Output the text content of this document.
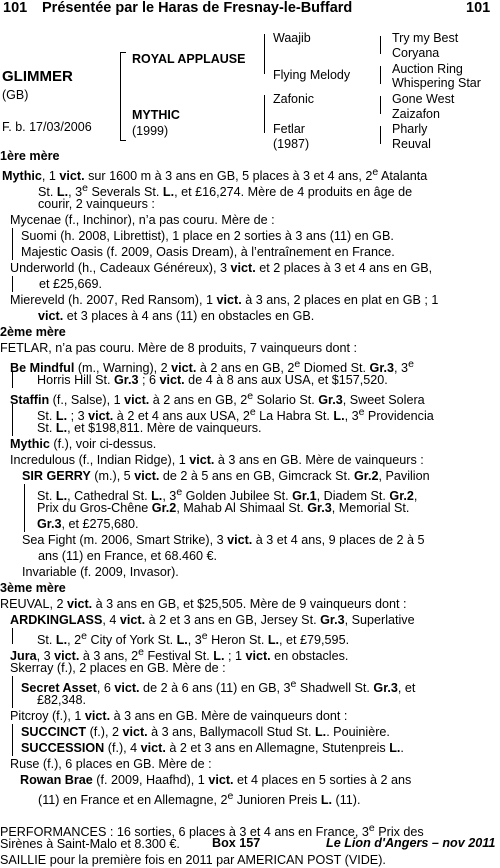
101 Présentée par le Haras de Fresnay-le-Buffard	101
GLIMMER
(GB)
F. b. 17/03/2006
ROYAL APPLAUSE
MYTHIC
(1999)
Waajib
Flying Melody
Zafonic
Fetlar
(1987)
Try my Best
Coryana
Auction Ring
Whispering Star
Gone West
Zaizafon
Pharly
Reuval
1ère mère
Mythic, 1 vict. sur 1600 m à 3 ans en GB, 5 places à 3 et 4 ans, 2e Atalanta
St. L., 3e Severals St. L., et £16,274. Mère de 4 produits en âge de
courir, 2 vainqueurs :
Mycenae (f., Inchinor), n’a pas couru. Mère de :
Suomi (h. 2008, Librettist), 1 place en 2 sorties à 3 ans (11) en GB.
Majestic Oasis (f. 2009, Oasis Dream), à l’entraînement en France.
Underworld (h., Cadeaux Généreux), 3 vict. et 2 places à 3 et 4 ans en GB,
et £25,669.
Miereveld (h. 2007, Red Ransom), 1 vict. à 3 ans, 2 places en plat en GB ; 1
vict. et 3 places à 4 ans (11) en obstacles en GB.
2ème mère
FETLAR, n’a pas couru. Mère de 8 produits, 7 vainqueurs dont :
Be Mindful (m., Warning), 2 vict. à 2 ans en GB, 2e Diomed St. Gr.3, 3e
Horris Hill St. Gr.3 ; 6 vict. de 4 à 8 ans aux USA, et $157,520.
Staffin (f., Salse), 1 vict. à 2 ans en GB, 2e Solario St. Gr.3, Sweet Solera
St. L. ; 3 vict. à 2 et 4 ans aux USA, 2e La Habra St. L., 3e Providencia
St. L., et $198,811. Mère de vainqueurs.
Mythic (f.), voir ci-dessus.
Incredulous (f., Indian Ridge), 1 vict. à 3 ans en GB. Mère de vainqueurs :
SIR GERRY (m.), 5 vict. de 2 à 5 ans en GB, Gimcrack St. Gr.2, Pavilion
St. L., Cathedral St. L., 3e Golden Jubilee St. Gr.1, Diadem St. Gr.2,
Prix du Gros-Chêne Gr.2, Mahab Al Shimaal St. Gr.3, Memorial St.
Gr.3, et £275,680.
Sea Fight (m. 2006, Smart Strike), 3 vict. à 3 et 4 ans, 9 places de 2 à 5
ans (11) en France, et 68.460 €.
Invariable (f. 2009, Invasor).
3ème mère
REUVAL, 2 vict. à 3 ans en GB, et $25,505. Mère de 9 vainqueurs dont :
ARDKINGLASS, 4 vict. à 2 et 3 ans en GB, Jersey St. Gr.3, Superlative
St. L., 2e City of York St. L., 3e Heron St. L., et £79,595.
Jura, 3 vict. à 3 ans, 2e Festival St. L. ; 1 vict. en obstacles.
Skerray (f.), 2 places en GB. Mère de :
Secret Asset, 6 vict. de 2 à 6 ans (11) en GB, 3e Shadwell St. Gr.3, et
£82,348.
Pitcroy (f.), 1 vict. à 3 ans en GB. Mère de vainqueurs dont :
SUCCINCT (f.), 2 vict. à 3 ans, Ballymacoll Stud St. L.. Pouinière.
SUCCESSION (f.), 4 vict. à 2 et 3 ans en Allemagne, Stutenpreis L..
Ruse (f.), 6 places en GB. Mère de :
Rowan Brae (f. 2009, Haafhd), 1 vict. et 4 places en 5 sorties à 2 ans
(11) en France et en Allemagne, 2e Junioren Preis L. (11).
PERFORMANCES : 16 sorties, 6 places à 3 et 4 ans en France, 3e Prix des
Sirènes à Saint-Malo et 8.300 €.
SAILLIE pour la première fois en 2011 par AMERICAN POST (VIDE).
Box 157	Le Lion d'Angers – nov 2011
